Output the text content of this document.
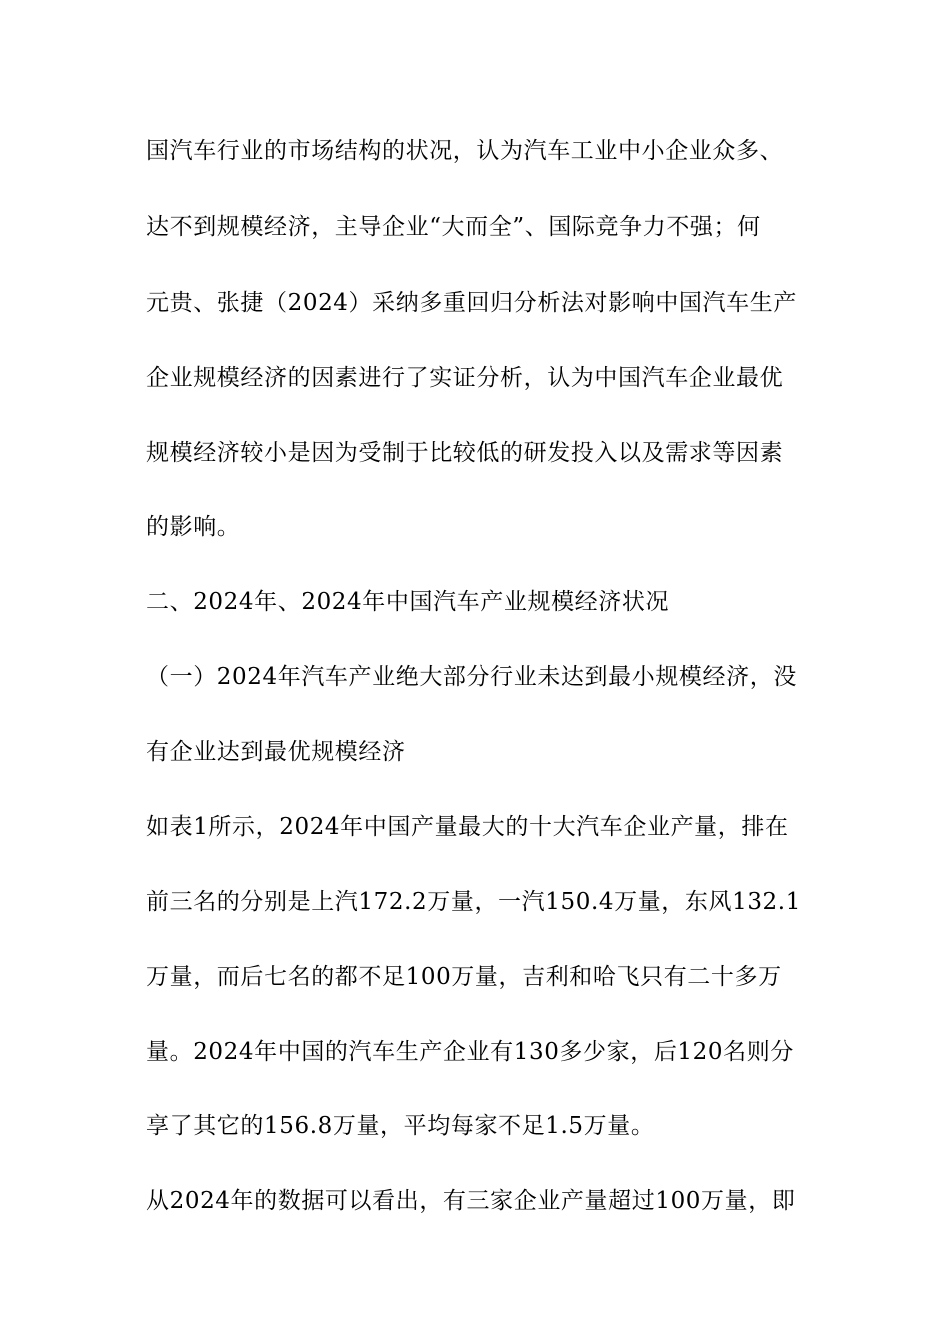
国汽车行业的市场结构的状况，认为汽车工业中小企业众多、
达不到规模经济，主导企业“大而全”、国际竞争力不强；何
元贵、张捷（2024）采纳多重回归分析法对影响中国汽车生产
企业规模经济的因素进行了实证分析，认为中国汽车企业最优
规模经济较小是因为受制于比较低的研发投入以及需求等因素
的影响。
二、2024年、2024年中国汽车产业规模经济状况
（一）2024年汽车产业绝大部分行业未达到最小规模经济，没
有企业达到最优规模经济
如表1所示，2024年中国产量最大的十大汽车企业产量，排在
前三名的分别是上汽172.2万量，一汽150.4万量，东风132.1
万量，而后七名的都不足100万量，吉利和哈飞只有二十多万
量。2024年中国的汽车生产企业有130多少家，后120名则分
享了其它的156.8万量，平均每家不足1.5万量。
从2024年的数据可以看出，有三家企业产量超过100万量，即
